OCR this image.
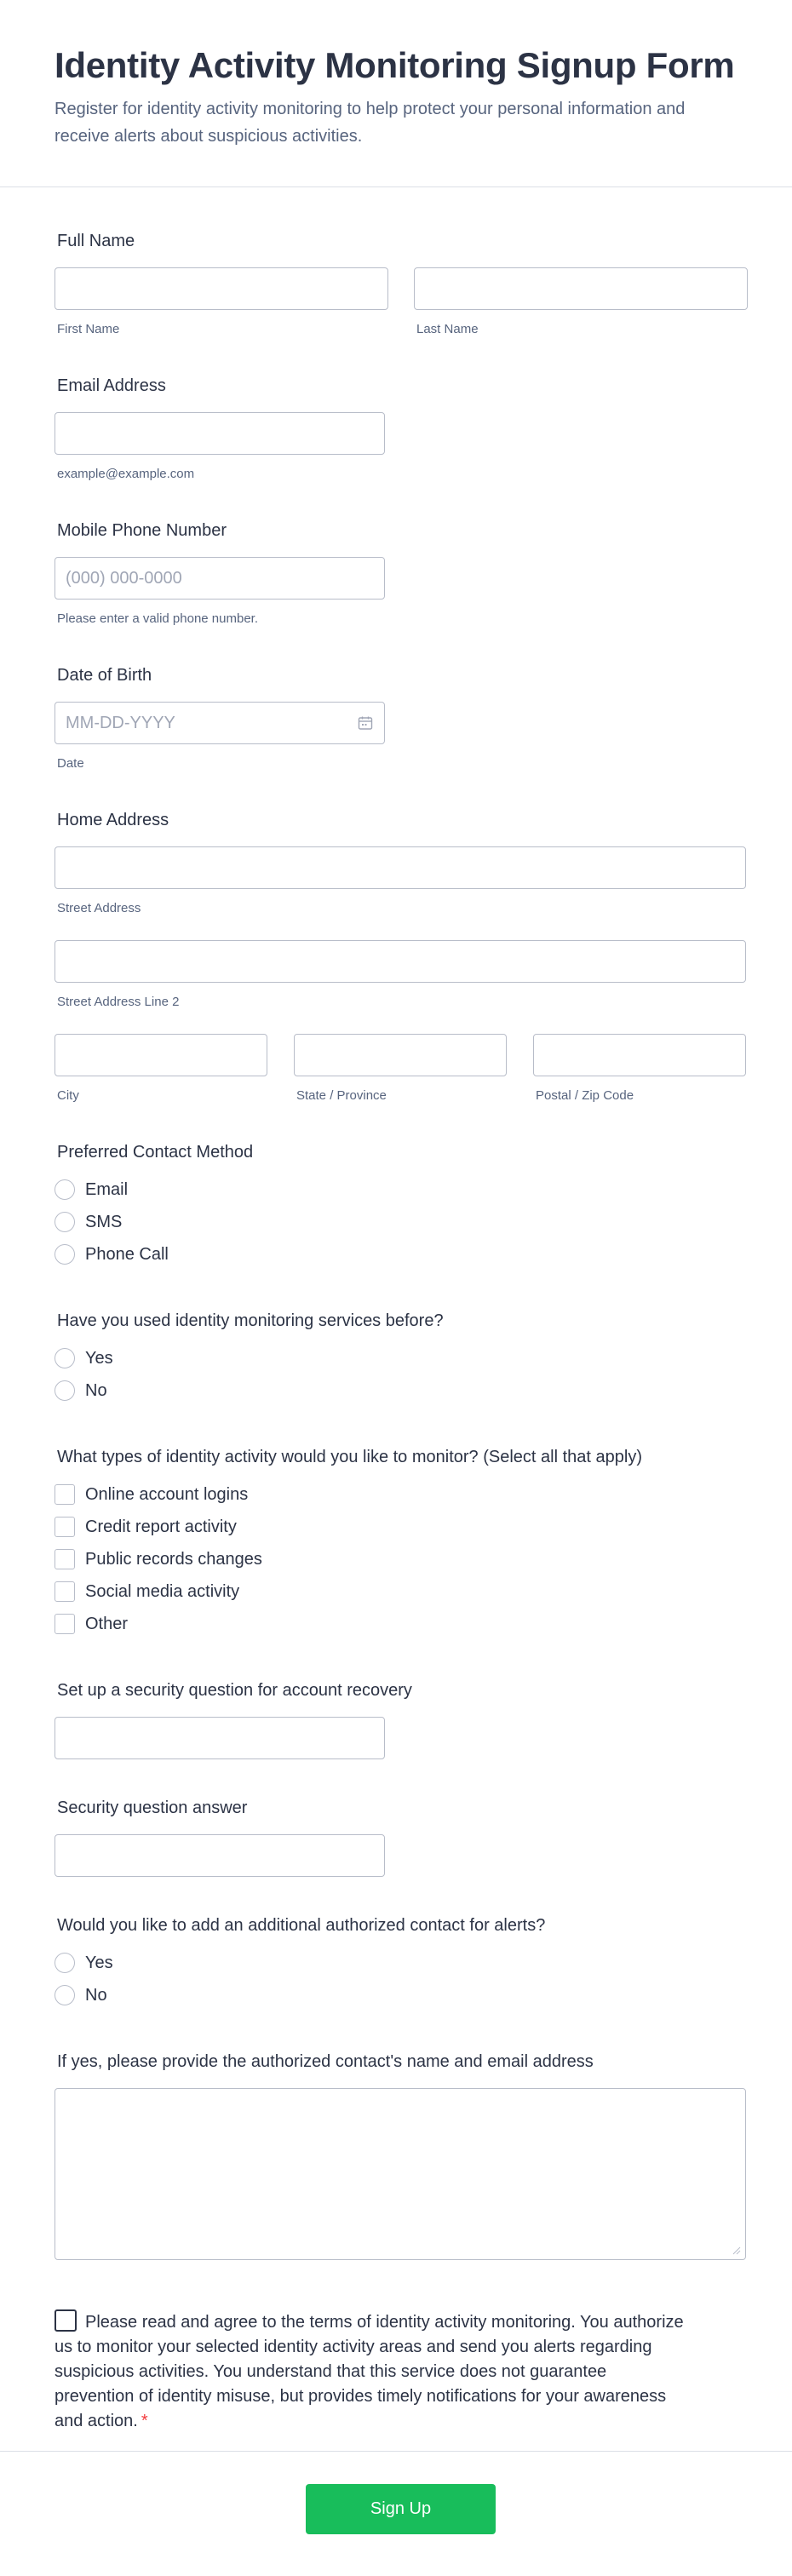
Identity Activity Monitoring Signup Form

Register for identity activity monitoring to help protect your personal information and receive alerts about suspicious activities.

Full Name
First Name	Last Name
Email Address
example@example.com
Mobile Phone Number
(000) 000-0000
Please enter a valid phone number.
Date of Birth
MM-DD-YYYY
Date
Home Address
Street Address
Street Address Line 2
City	State / Province	Postal / Zip Code
Preferred Contact Method
Email
SMS
Phone Call
Have you used identity monitoring services before?
Yes
No
What types of identity activity would you like to monitor? (Select all that apply)
Online account logins
Credit report activity
Public records changes
Social media activity
Other
Set up a security question for account recovery
Security question answer
Would you like to add an additional authorized contact for alerts?
Yes
No
If yes, please provide the authorized contact's name and email address
Please read and agree to the terms of identity activity monitoring. You authorize us to monitor your selected identity activity areas and send you alerts regarding suspicious activities. You understand that this service does not guarantee prevention of identity misuse, but provides timely notifications for your awareness and action. *
Sign Up
